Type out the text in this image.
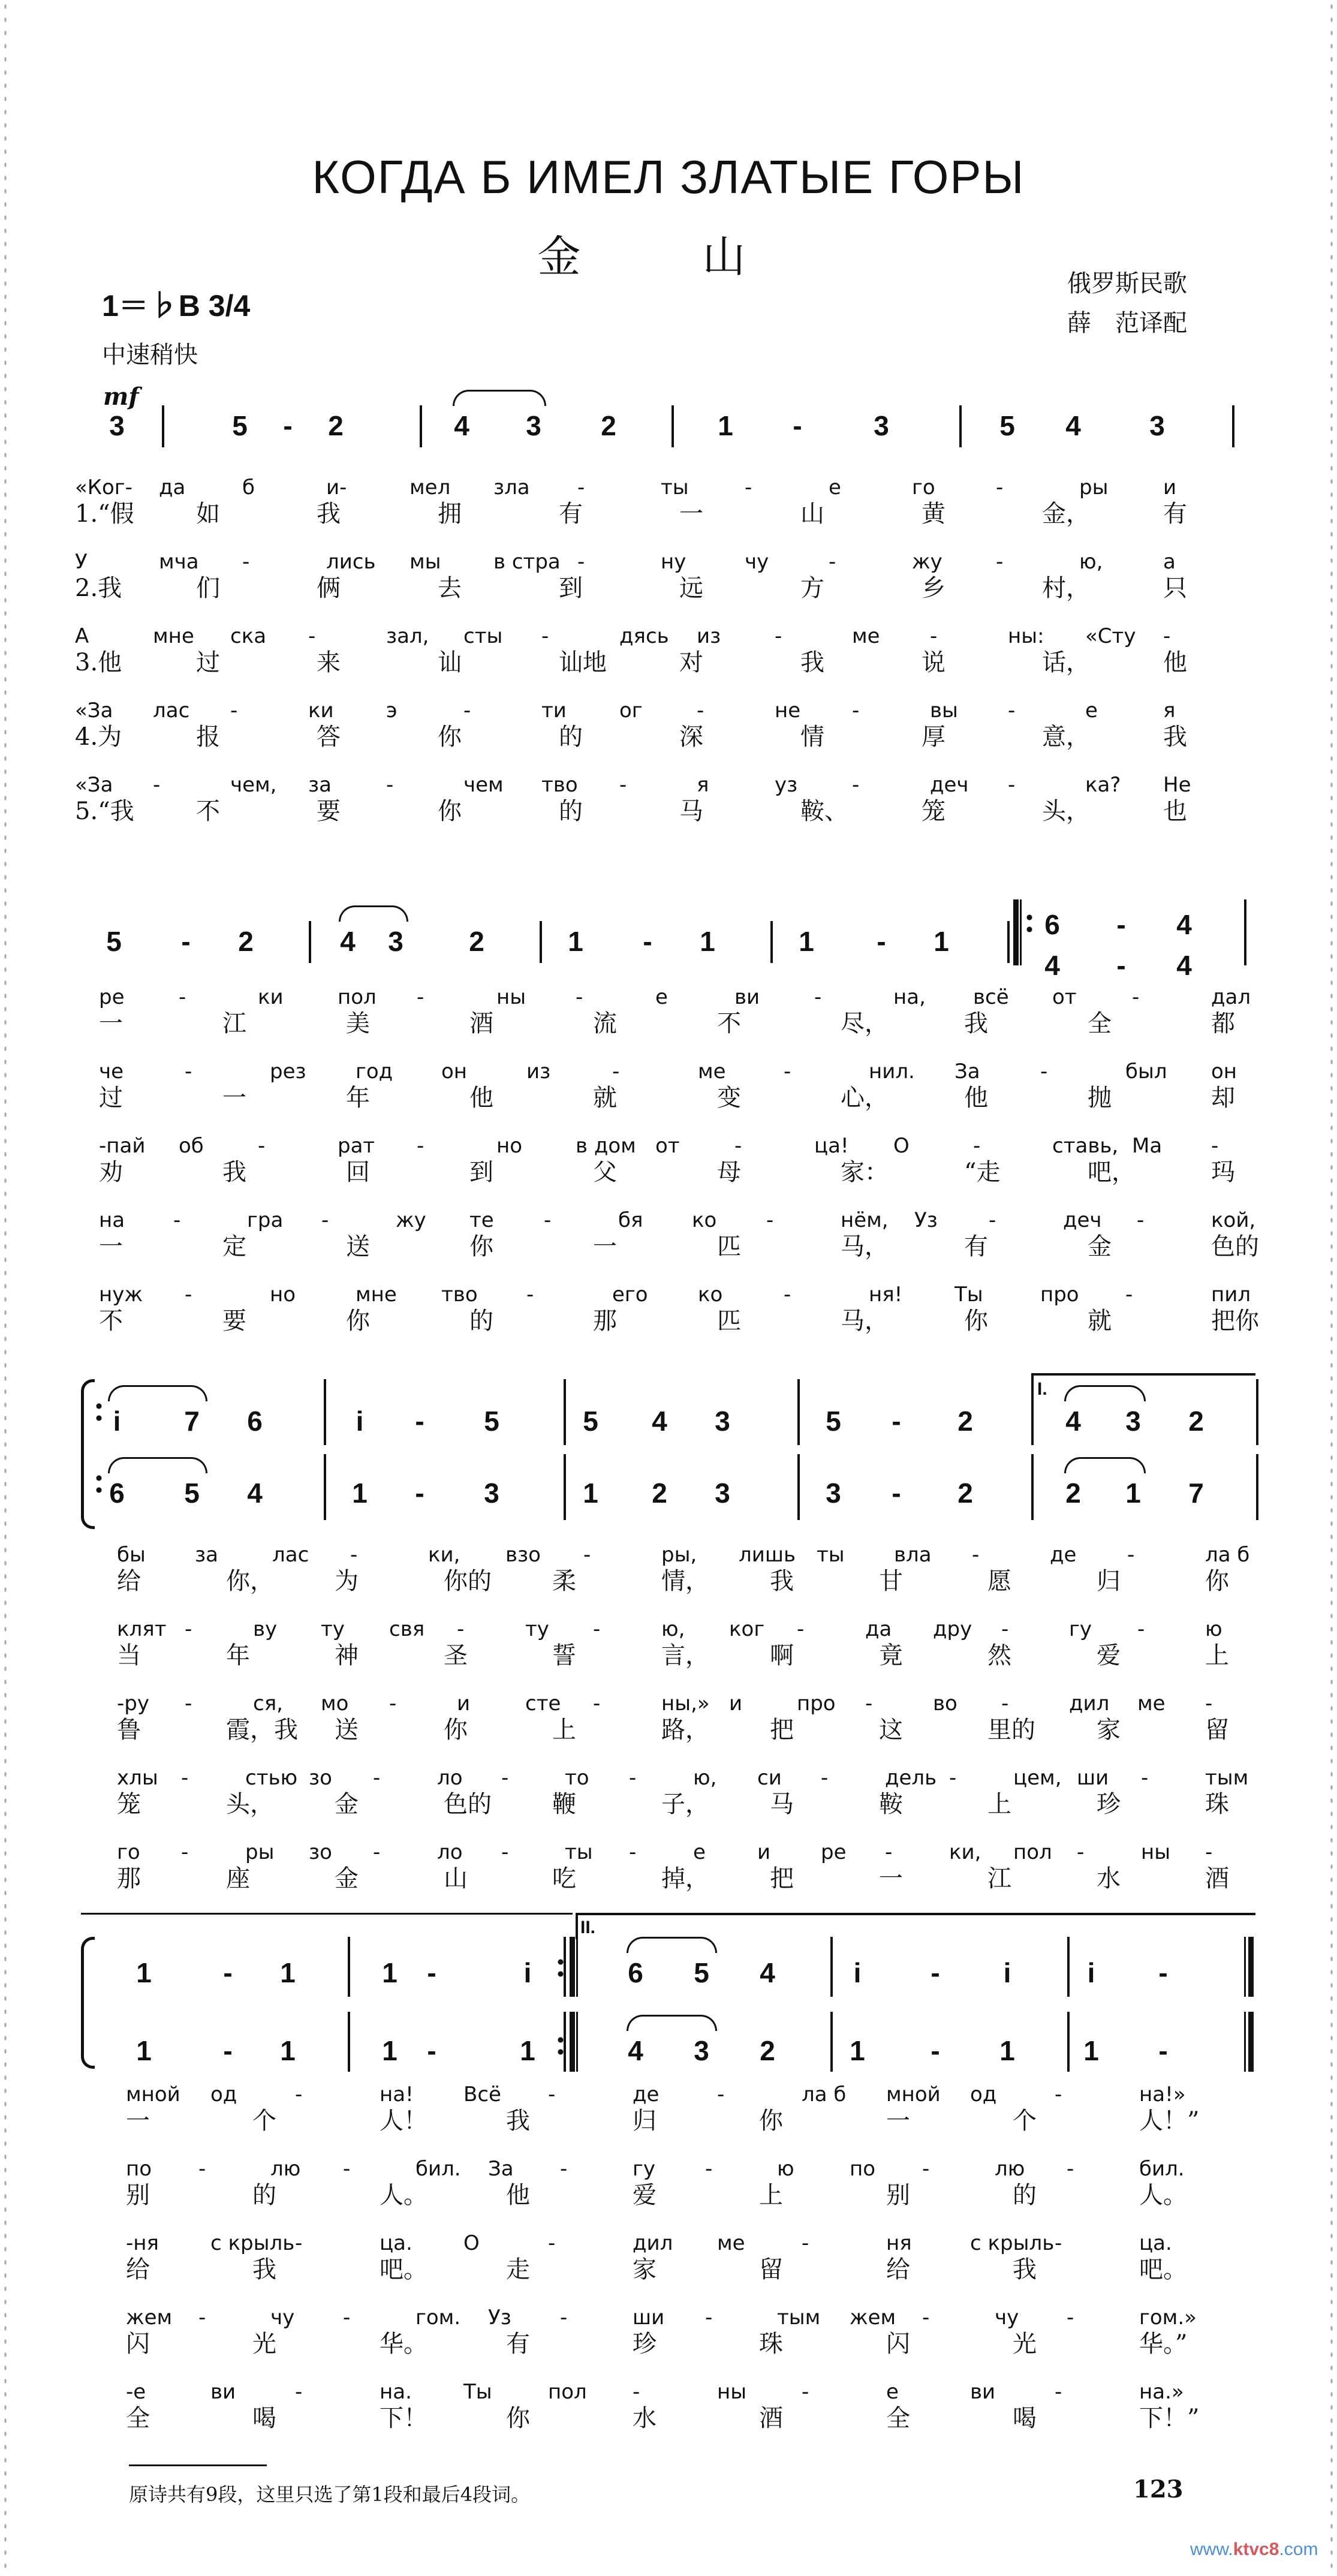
КОГДА Б ИМЕЛ ЗЛАТЫЕ ГОРЫ
金 山
俄罗斯民歌
薛　范译配
1＝♭B 3/4
中速稍快
mf
3	5	-	2	4	3	2	1	-	3	5	4	3
«Ког- да	б	и-	мел зла -	ты	-	е	го	-	ры	и
1.“假	如	我	拥	有	一	山	黄	金，	有
У	мча -	лись мы	в стра -	ну	чу	-	жу	-	ю,	а
2.我	们	俩	去	到	远	方	乡	村，	只
А	мне ска -	зал, сты -	дясь из	-	ме -	ны: «Сту -
3.他	过	来	讪	讪地	对	我	说	话，	他
«За лас -	ки	э	-	ти	ог	-	не	-	вы -	е	я
4.为	报	答	你	的	深	情	厚	意，	我
«За -	чем, за	-	чем тво -	я	уз	-	деч -	ка? Не
5.“我	不	要	你	的	马	鞍、	笼	头，	也
5	-	2	4	3	2	1	-	1	1	-	1
6	-	4
4	-	4
ре	-	ки	пол -	ны -	е	ви	-	на, всё от	-	дал
一	江	美	酒	流	不	尽，	我	全	都
че	-	рез год он	из	-	ме	-	нил. За	-	был он
过	一	年	他	就	变	心，	他	抛	却
-пай об	-	рат -	но	в дом от	-	ца! О	-	ставь, Ма -
劝	我	回	到	父	母	家：	“走	吧，	玛
на -	гра -	жу те -	бя ко -	нём, Уз	-	деч -	кой,
一	定	送	你	一	匹	马，	有	金	色的
нуж -	но	мне тво -	его ко	-	ня!	Ты	про -	пил
不	要	你	的	那	匹	马，	你	就	把你
i	7	6	i	-	5	5	4	3	5	-	2	4	3	2
6	5	4	1	-	3	1	2	3	3	-	2	2	1	7
I.
бы за	лас -	ки, взо -	ры, лишь ты вла -	де -	ла б
给	你，	为	你的	柔	情，	我	甘	愿	归	你
клят -	ву ту свя -	ту -	ю, ког -	да дру -	гу -	ю
当	年	神	圣	誓	言，	啊	竟	然	爱	上
-ру -	ся, мо -	и	сте -	ны,» и	про -	во -	дил ме -
鲁	霞，我 送	你	上	路，	把	这	里的	家	留
хлы -	стью зо -	ло -	то -	ю, си -	дель -	цем, ши -	тым
笼	头，	金	色的	鞭	子，	马	鞍	上	珍	珠
го -	ры зо -	ло -	ты -	е	и ре -	ки, пол -	ны -
那	座	金	山	吃	掉，	把	一	江	水	酒
1	-	1	1	-	i	6	5	4	i	-	i	i	-
1	-	1	1	-	1	4	3	2	1	-	1	1	-
II.
мной од	-	на! Всё -	де	-	ла б мной од	-	на!»
一	个	人！	我	归	你	一	个	人！”
по -	лю -	бил. За -	гу -	ю	по -	лю -	бил.
别	的	人。	他	爱	上	别	的	人。
-ня	с крыль -	ца.	О	-	дил ме	-	ня	с крыль -	ца.
给	我	吧。	走	家	留	给	我	吧。
жем -	чу -	гом. Уз -	ши -	тым жем -	чу -	гом.»
闪	光	华。	有	珍	珠	闪	光	华。”
-е	ви	-	на.	Ты	пол -	ны	-	е	ви	-	на.»
全	喝	下！	你	水	酒	全	喝	下！”
原诗共有9段，这里只选了第1段和最后4段词。	123
www.ktvc8.com
